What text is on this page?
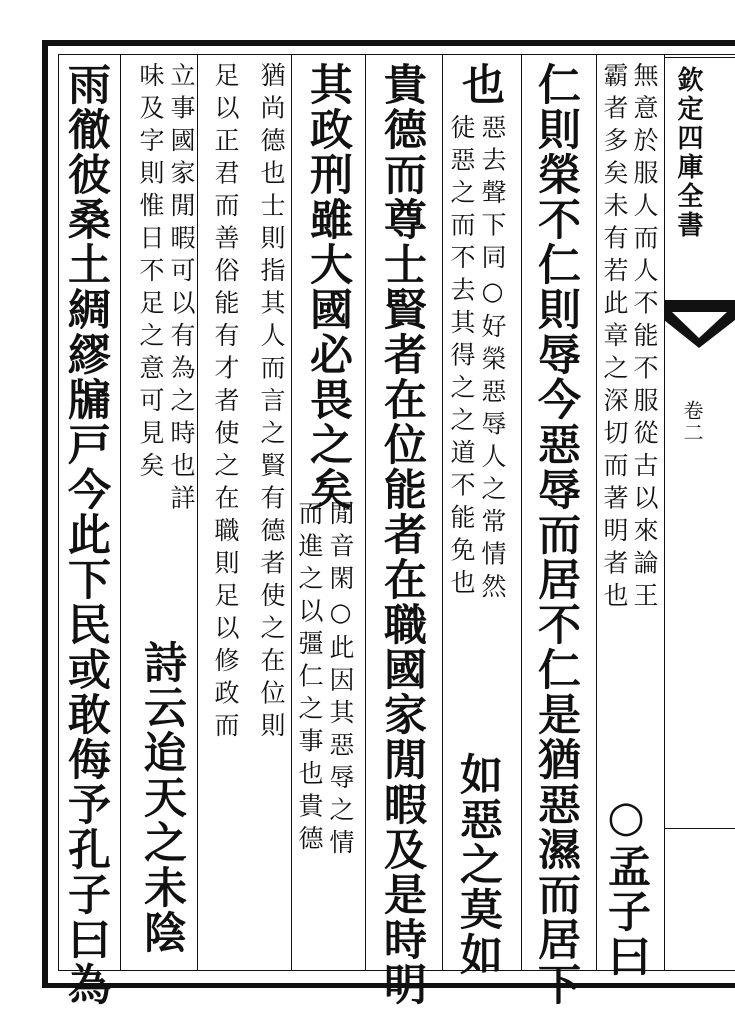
欽定四庫全書
卷二
無意於服人而人不能不服從古以來論王
霸者多矣未有若此章之深切而著明者也
○孟子曰
仁則榮不仁則辱今惡辱而居不仁是猶惡濕而居下
也
惡去聲下同○好榮惡辱人之常情然
徒惡之而不去其得之之道不能免也
如惡之莫如
貴德而尊士賢者在位能者在職國家閒暇及是時明
其政刑雖大國必畏之矣
閒音閑○此因其惡辱之情
而進之以彊仁之事也貴德
猶尚德也士則指其人而言之賢有德者使之在位則
足以正君而善俗能有才者使之在職則足以修政而
立事國家閒暇可以有為之時也詳
詩云迨天之未陰
味及字則惟日不足之意可見矣
雨徹彼桑土綢繆牖戸今此下民或敢侮予孔子曰為
